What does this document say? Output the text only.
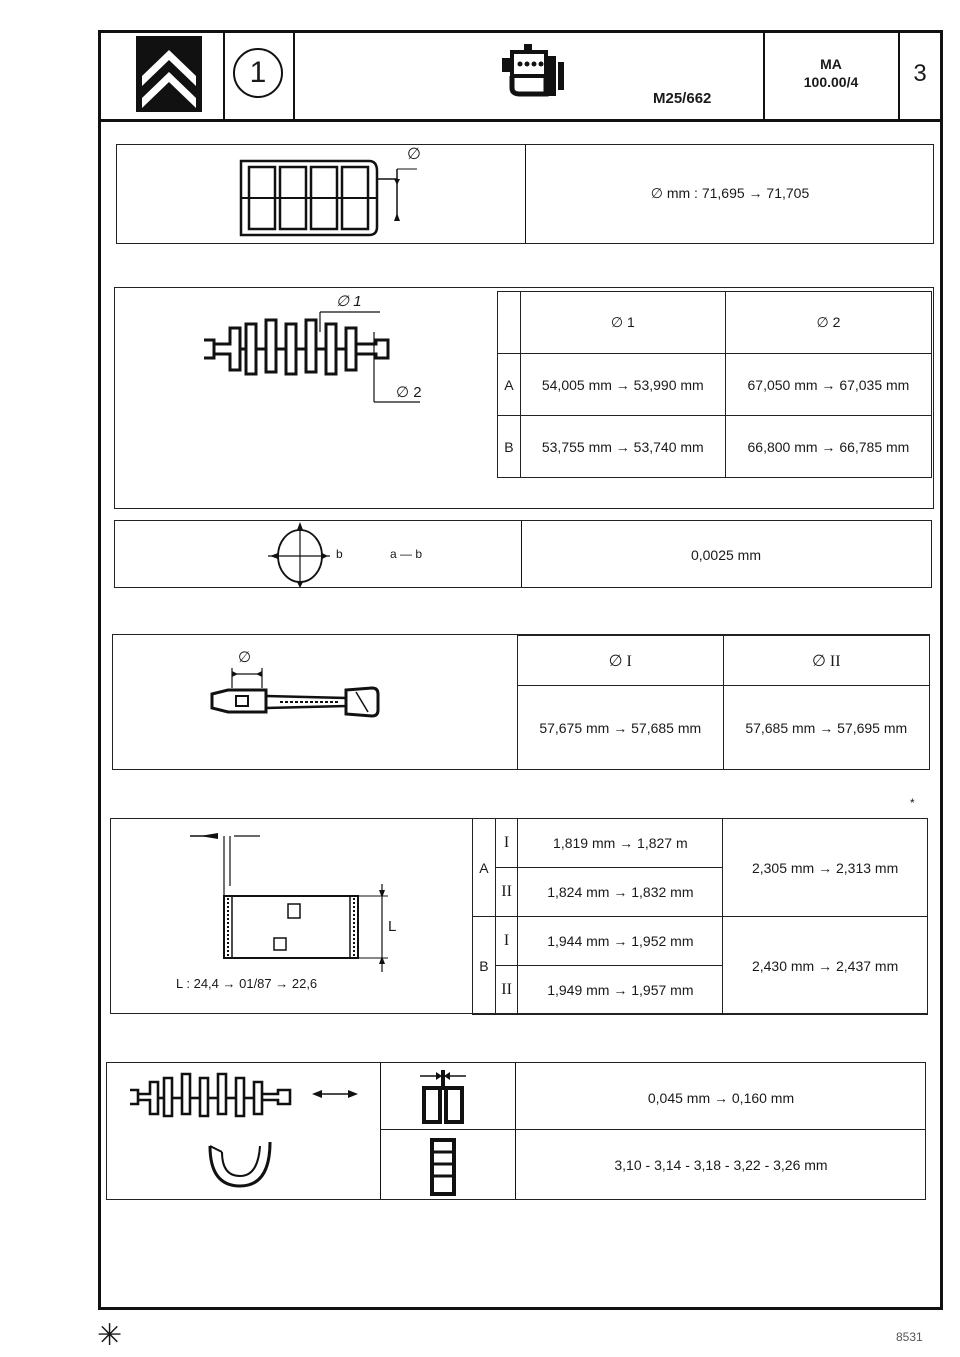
1
M25/662
MA
100.00/4	3
∅
∅ mm : 71,695 → 71,705
∅ 1
∅ 2
	∅ 1	∅ 2
A	54,005 mm → 53,990 mm	67,050 mm → 67,035 mm
B	53,755 mm → 53,740 mm	66,800 mm → 66,785 mm
b	a — b	0,0025 mm
∅	∅ I	∅ II
57,675 mm → 57,685 mm	57,685 mm → 57,695 mm
*
L
L : 24,4 → 01/87 → 22,6
A	I	1,819 mm → 1,827 m	2,305 mm → 2,313 mm
	II	1,824 mm → 1,832 mm	
B	I	1,944 mm → 1,952 mm	2,430 mm → 2,437 mm
	II	1,949 mm → 1,957 mm	
0,045 mm → 0,160 mm
3,10 - 3,14 - 3,18 - 3,22 - 3,26 mm
✳	8531
